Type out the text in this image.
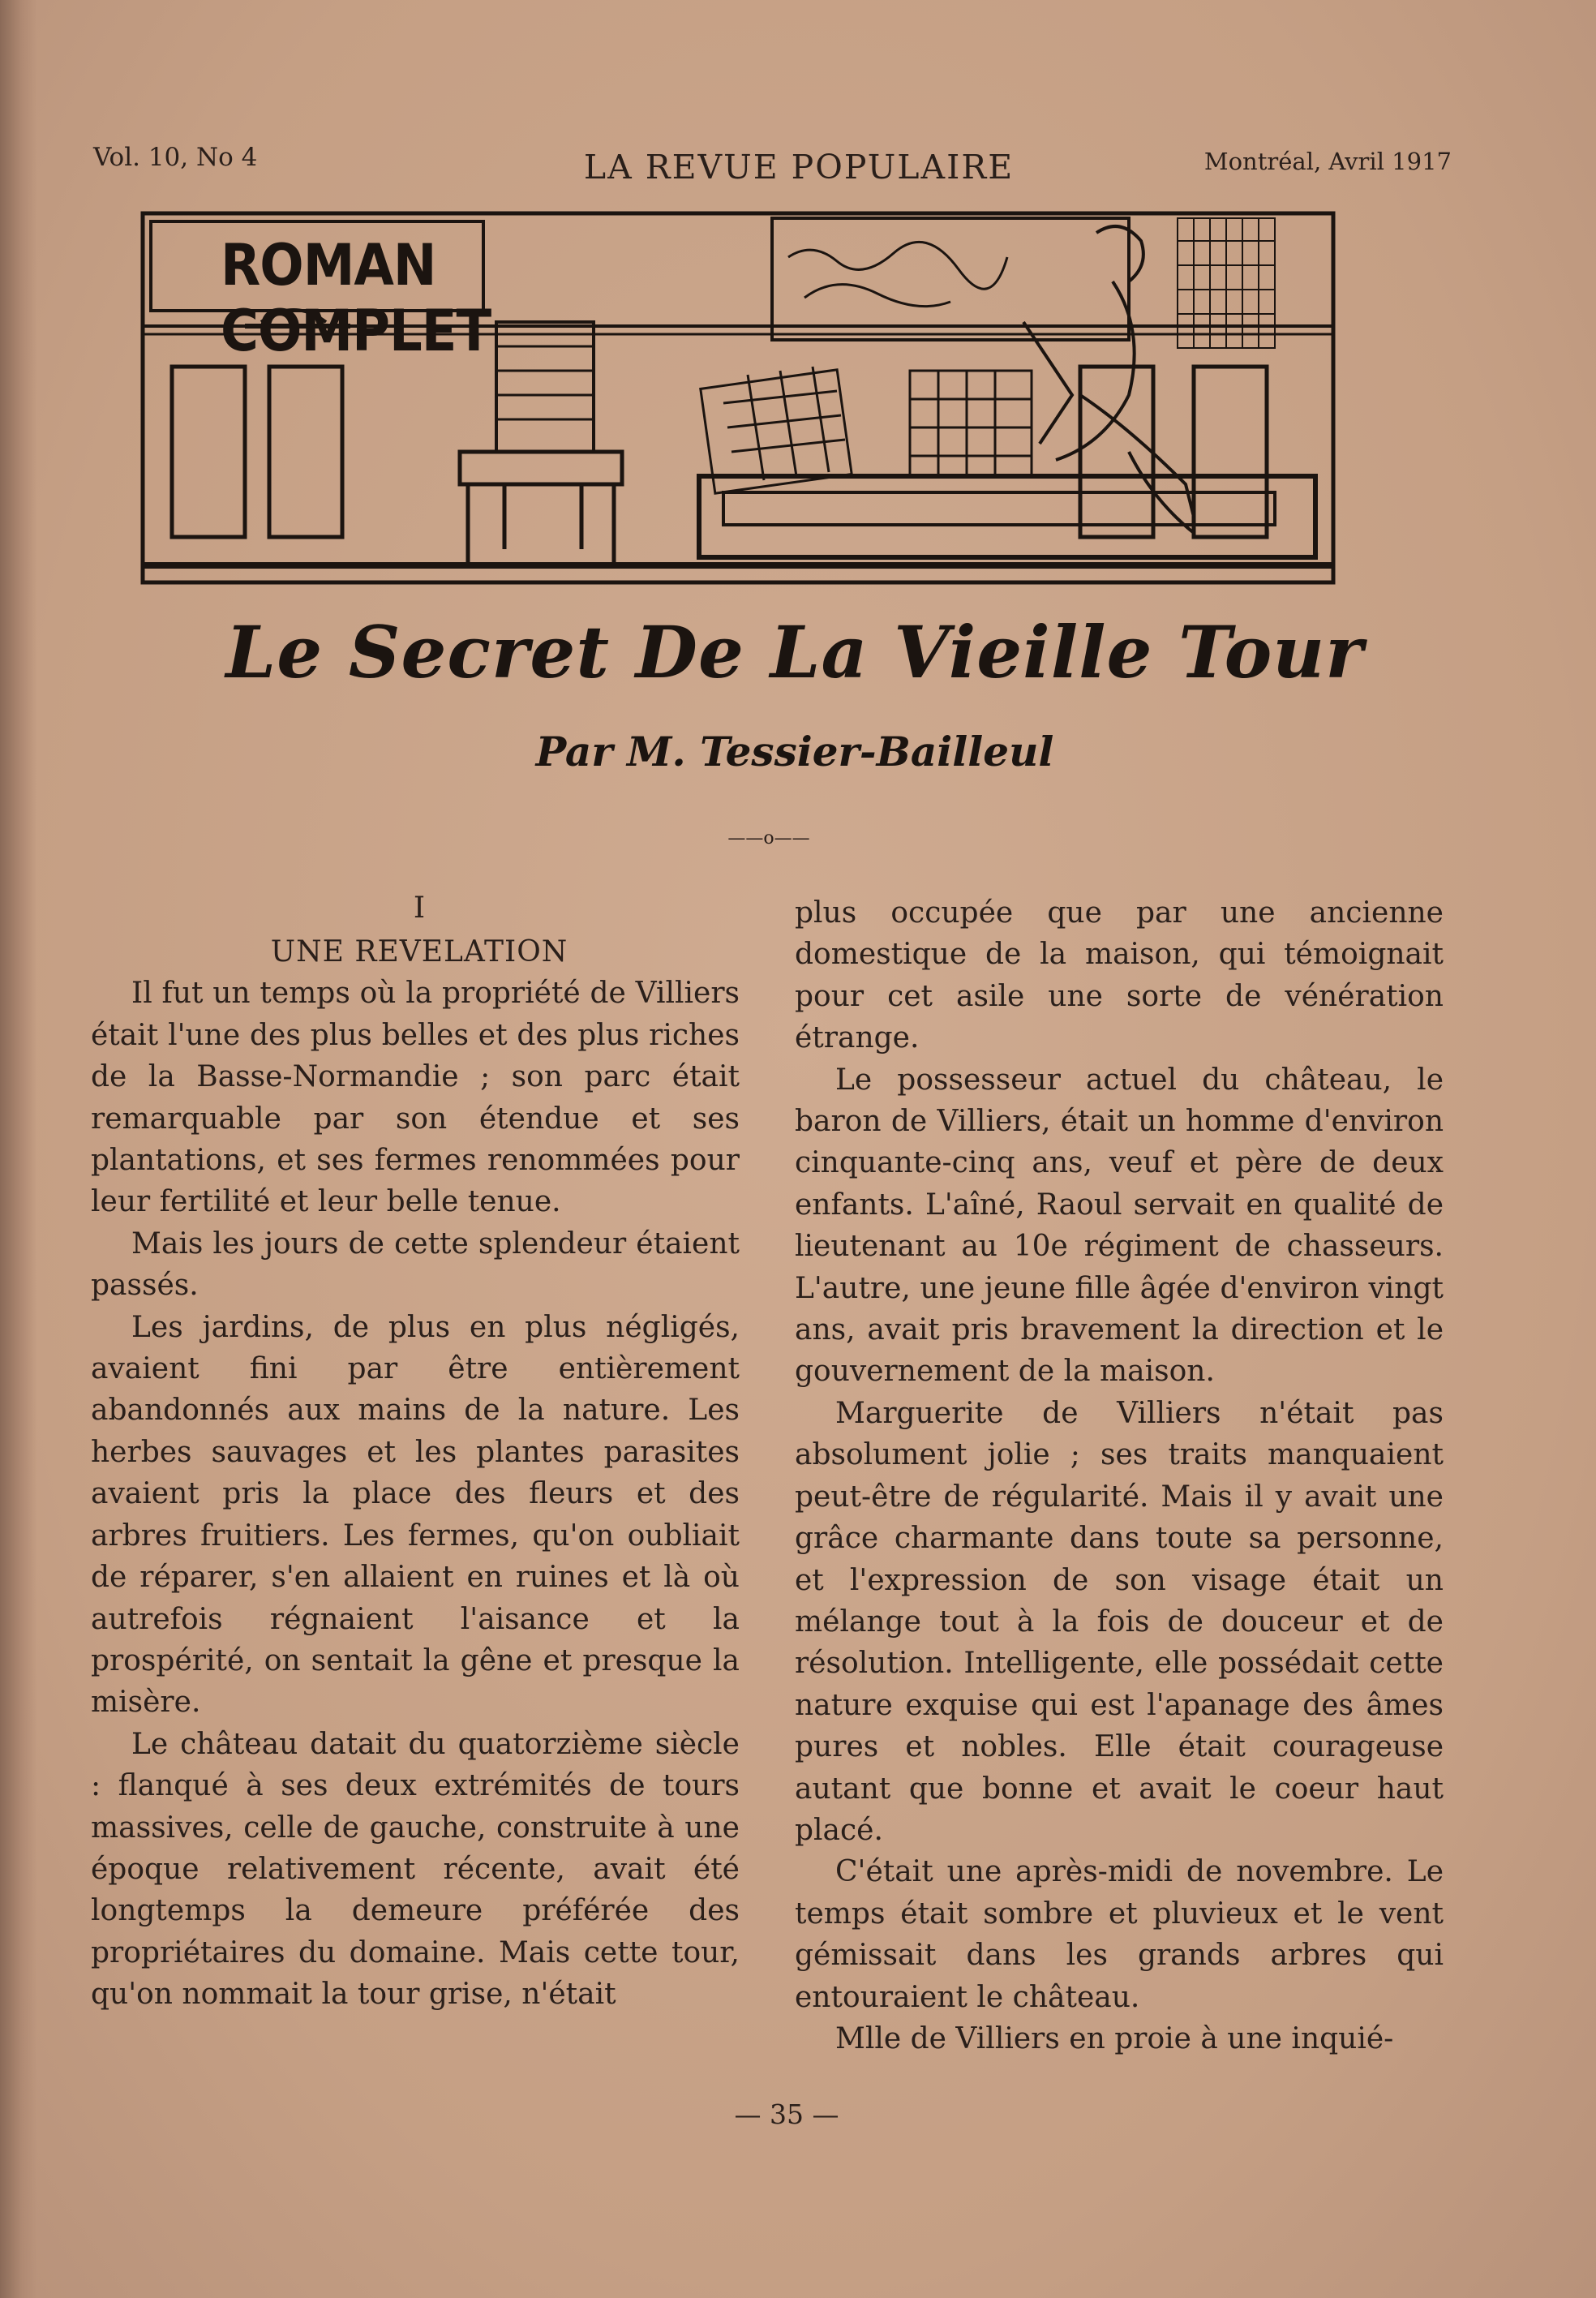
Vol. 10, No 4	LA REVUE POPULAIRE	Montréal, Avril 1917
ROMAN COMPLET
Le Secret De La Vieille Tour
Par M. Tessier-Bailleul
——o——

I

UNE REVELATION

Il fut un temps où la propriété de Villiers était l'une des plus belles et des plus riches de la Basse-Normandie ; son parc était remarquable par son étendue et ses plantations, et ses fermes renommées pour leur fertilité et leur belle tenue.

Mais les jours de cette splendeur étaient passés.

Les jardins, de plus en plus négligés, avaient fini par être entièrement abandonnés aux mains de la nature. Les herbes sauvages et les plantes parasites avaient pris la place des fleurs et des arbres fruitiers. Les fermes, qu'on oubliait de réparer, s'en allaient en ruines et là où autrefois régnaient l'aisance et la prospérité, on sentait la gêne et presque la misère.

Le château datait du quatorzième siècle : flanqué à ses deux extrémités de tours massives, celle de gauche, construite à une époque relativement récente, avait été longtemps la demeure préférée des propriétaires du domaine. Mais cette tour, qu'on nommait la tour grise, n'était

plus occupée que par une ancienne domestique de la maison, qui témoignait pour cet asile une sorte de vénération étrange.

Le possesseur actuel du château, le baron de Villiers, était un homme d'environ cinquante-cinq ans, veuf et père de deux enfants. L'aîné, Raoul servait en qualité de lieutenant au 10e régiment de chasseurs. L'autre, une jeune fille âgée d'environ vingt ans, avait pris bravement la direction et le gouvernement de la maison.

Marguerite de Villiers n'était pas absolument jolie ; ses traits manquaient peut-être de régularité. Mais il y avait une grâce charmante dans toute sa personne, et l'expression de son visage était un mélange tout à la fois de douceur et de résolution. Intelligente, elle possédait cette nature exquise qui est l'apanage des âmes pures et nobles. Elle était courageuse autant que bonne et avait le coeur haut placé.

C'était une après-midi de novembre. Le temps était sombre et pluvieux et le vent gémissait dans les grands arbres qui entouraient le château.

Mlle de Villiers en proie à une inquié-

— 35 —
